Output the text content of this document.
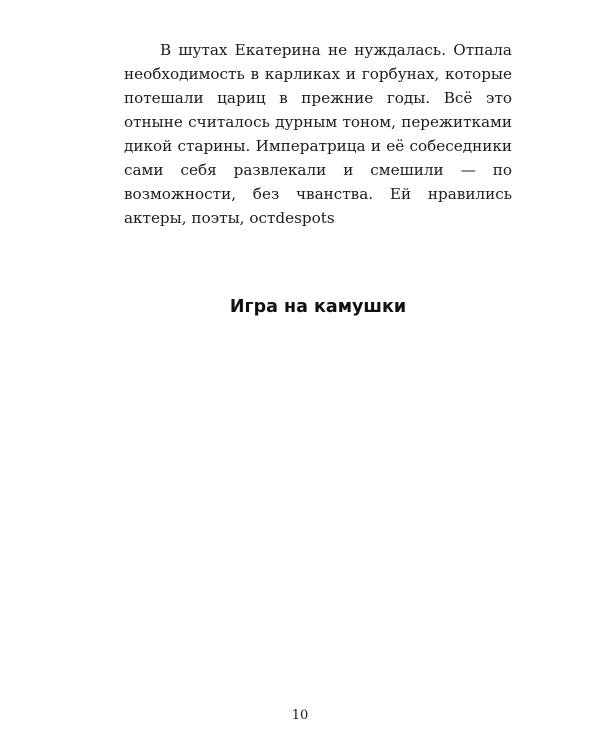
В шутах Екатерина не нуждалась. Отпала необходимость в карликах и горбунах, которые потешали цариц в прежние годы. Всё это отныне считалось дурным тоном, пережитками дикой старины. Императрица и её собеседники сами себя развлекали и смешили — по возможности, без чванства. Ей нравились актеры, поэты, остdespots

Игра на камушки

10
